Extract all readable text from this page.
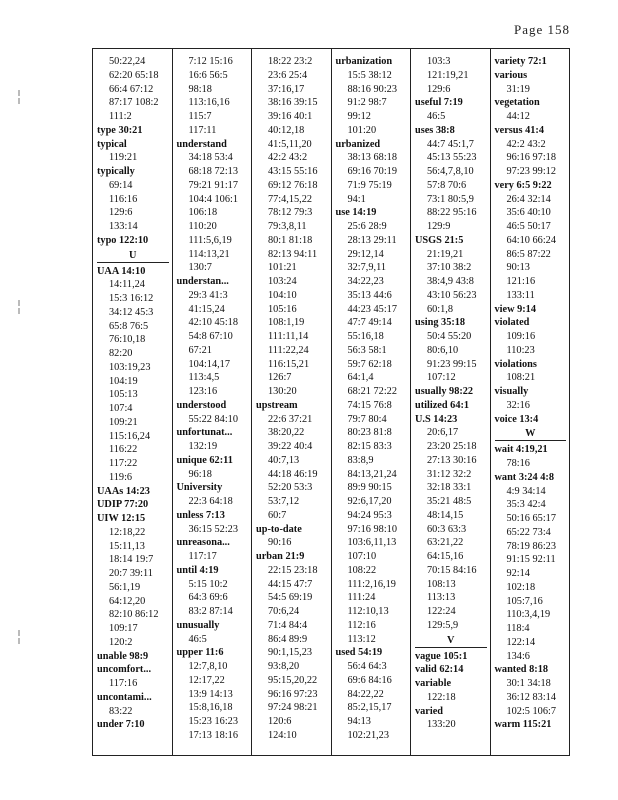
Page 158
50:22,24
62:20 65:18
66:4 67:12
87:17 108:2
111:2
type 30:21
typical
119:21
typically
69:14
116:16
129:6
133:14
typo 122:10
U
UAA 14:10
14:11,24
15:3 16:12
34:12 45:3
65:8 76:5
76:10,18
82:20
103:19,23
104:19
105:13
107:4
109:21
115:16,24
116:22
117:22
119:6
UAAs 14:23
UDIP 77:20
UIW 12:15
12:18,22
15:11,13
18:14 19:7
20:7 39:11
56:1,19
64:12,20
82:10 86:12
109:17
120:2
unable 98:9
uncomfort...
117:16
uncontami...
83:22
under 7:10
7:12 15:16
16:6 56:5
98:18
113:16,16
115:7
117:11
understand
34:18 53:4
68:18 72:13
79:21 91:17
104:4 106:1
106:18
110:20
111:5,6,19
114:13,21
130:7
understan...
29:3 41:3
41:15,24
42:10 45:18
54:8 67:10
67:21
104:14,17
113:4,5
123:16
understood
55:22 84:10
unfortunat...
132:19
unique 62:11
96:18
University
22:3 64:18
unless 7:13
36:15 52:23
unreasona...
117:17
until 4:19
5:15 10:2
64:3 69:6
83:2 87:14
unusually
46:5
upper 11:6
12:7,8,10
12:17,22
13:9 14:13
15:8,16,18
15:23 16:23
17:13 18:16
18:22 23:2
23:6 25:4
37:16,17
38:16 39:15
39:16 40:1
40:12,18
41:5,11,20
42:2 43:2
43:15 55:16
69:12 76:18
77:4,15,22
78:12 79:3
79:3,8,11
80:1 81:18
82:13 94:11
101:21
103:24
104:10
105:16
108:1,19
111:11,14
111:22,24
116:15,21
126:7
130:20
upstream
22:6 37:21
38:20,22
39:22 40:4
40:7,13
44:18 46:19
52:20 53:3
53:7,12
60:7
up-to-date
90:16
urban 21:9
22:15 23:18
44:15 47:7
54:5 69:19
70:6,24
71:4 84:4
86:4 89:9
90:1,15,23
93:8,20
95:15,20,22
96:16 97:23
97:24 98:21
120:6
124:10
urbanization
15:5 38:12
88:16 90:23
91:2 98:7
99:12
101:20
urbanized
38:13 68:18
69:16 70:19
71:9 75:19
94:1
use 14:19
25:6 28:9
28:13 29:11
29:12,14
32:7,9,11
34:22,23
35:13 44:6
44:23 45:17
47:7 49:14
55:16,18
56:3 58:1
59:7 62:18
64:1,4
68:21 72:22
74:15 76:8
79:7 80:4
80:23 81:8
82:15 83:3
83:8,9
84:13,21,24
89:9 90:15
92:6,17,20
94:24 95:3
97:16 98:10
103:6,11,13
107:10
108:22
111:2,16,19
111:24
112:10,13
112:16
113:12
used 54:19
56:4 64:3
69:6 84:16
84:22,22
85:2,15,17
94:13
102:21,23
103:3
121:19,21
129:6
useful 7:19
46:5
uses 38:8
44:7 45:1,7
45:13 55:23
56:4,7,8,10
57:8 70:6
73:1 80:5,9
88:22 95:16
129:9
USGS 21:5
21:19,21
37:10 38:2
38:4,9 43:8
43:10 56:23
60:1,8
using 35:18
50:4 55:20
80:6,10
91:23 99:15
107:12
usually 98:22
utilized 64:1
U.S 14:23
20:6,17
23:20 25:18
27:13 30:16
31:12 32:2
32:18 33:1
35:21 48:5
48:14,15
60:3 63:3
63:21,22
64:15,16
70:15 84:16
108:13
113:13
122:24
129:5,9
V
vague 105:1
valid 62:14
variable
122:18
varied
133:20
variety 72:1
various
31:19
vegetation
44:12
versus 41:4
42:2 43:2
96:16 97:18
97:23 99:12
very 6:5 9:22
26:4 32:14
35:6 40:10
46:5 50:17
64:10 66:24
86:5 87:22
90:13
121:16
133:11
view 9:14
violated
109:16
110:23
violations
108:21
visually
32:16
voice 13:4
W
wait 4:19,21
78:16
want 3:24 4:8
4:9 34:14
35:3 42:4
50:16 65:17
65:22 73:4
78:19 86:23
91:15 92:11
92:14
102:18
105:7,16
110:3,4,19
118:4
122:14
134:6
wanted 8:18
30:1 34:18
36:12 83:14
102:5 106:7
warm 115:21
